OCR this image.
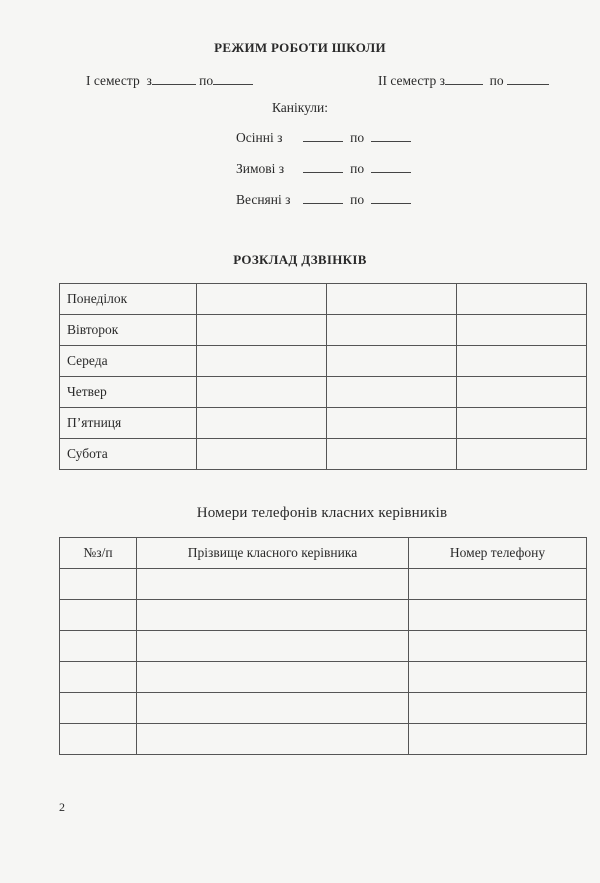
РЕЖИМ РОБОТИ ШКОЛИ
І семестр з	по	ІІ семестр з	по
Канікули:
Осінні з	по
Зимові з	по
Весняні з	по
РОЗКЛАД ДЗВІНКІВ
Понеділок			
Вівторок			
Середа			
Четвер			
П’ятниця			
Субота			
Номери телефонів класних керівників
№з/п	Прізвище класного керівника	Номер телефону

2
